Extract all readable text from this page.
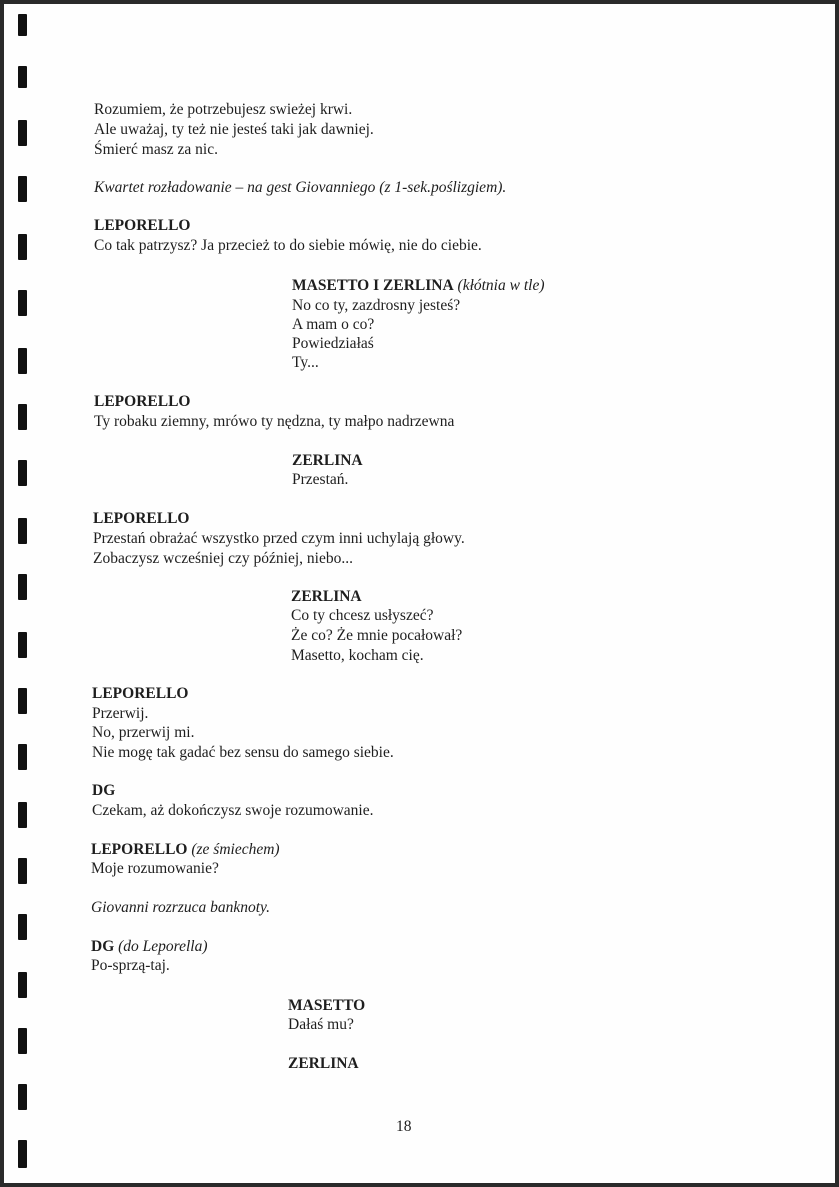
Rozumiem, że potrzebujesz swieżej krwi.
Ale uważaj, ty też nie jesteś taki jak dawniej.
Śmierć masz za nic.
Kwartet rozładowanie – na gest Giovanniego (z 1-sek.poślizgiem).
LEPORELLO
Co tak patrzysz? Ja przecież to do siebie mówię, nie do ciebie.
MASETTO I ZERLINA (kłótnia w tle)
No co ty, zazdrosny jesteś?
A mam o co?
Powiedziałaś
Ty...
LEPORELLO
Ty robaku ziemny, mrówo ty nędzna, ty małpo nadrzewna
ZERLINA
Przestań.
LEPORELLO
Przestań obrażać wszystko przed czym inni uchylają głowy.
Zobaczysz wcześniej czy później, niebo...
ZERLINA
Co ty chcesz usłyszeć?
Że co? Że mnie pocałował?
Masetto, kocham cię.
LEPORELLO
Przerwij.
No, przerwij mi.
Nie mogę tak gadać bez sensu do samego siebie.
DG
Czekam, aż dokończysz swoje rozumowanie.
LEPORELLO (ze śmiechem)
Moje rozumowanie?
Giovanni rozrzuca banknoty.
DG (do Leporella)
Po-sprzą-taj.
MASETTO
Dałaś mu?
ZERLINA
18
